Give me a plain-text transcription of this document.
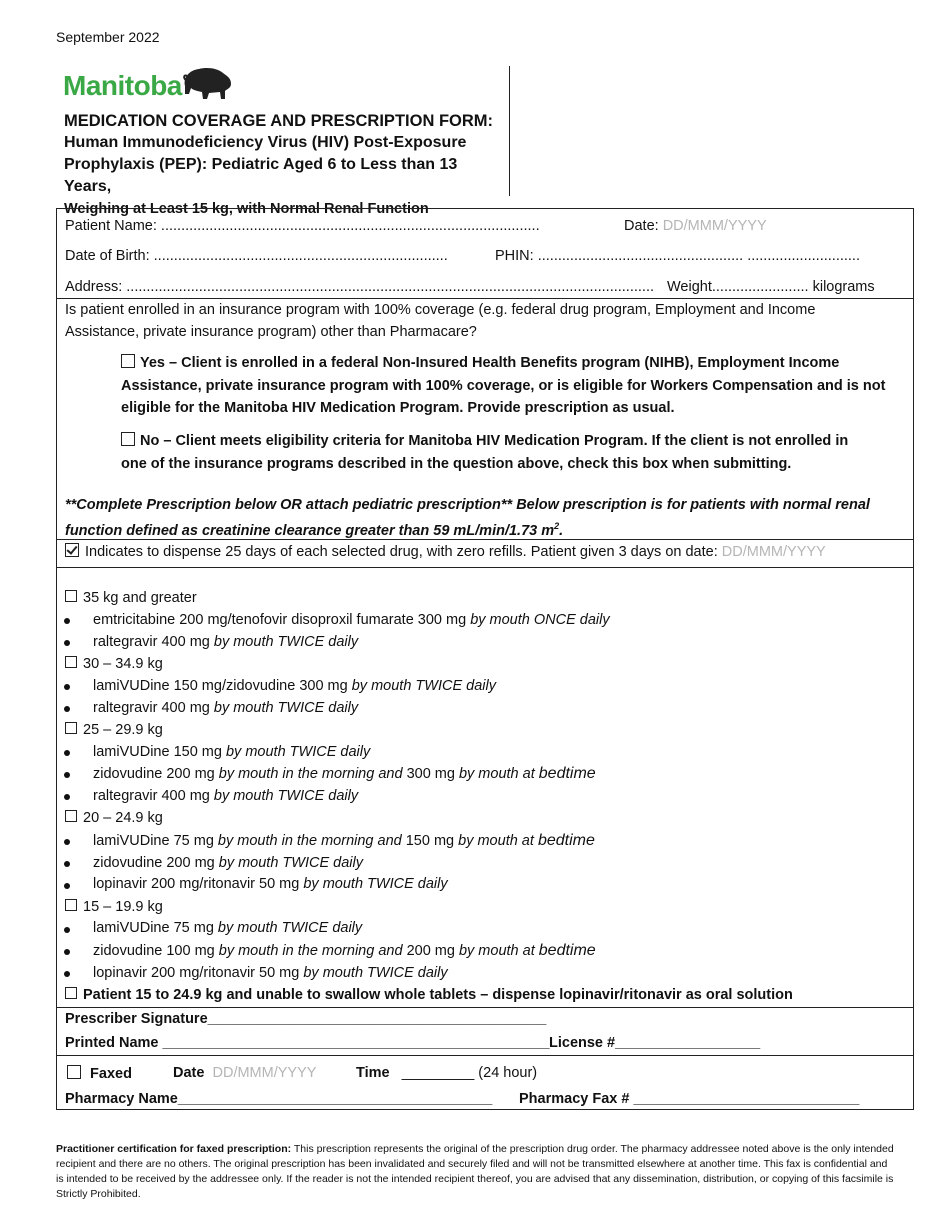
September 2022
Manitoba
MEDICATION COVERAGE AND PRESCRIPTION FORM:
Human Immunodeficiency Virus (HIV) Post-Exposure
Prophylaxis (PEP): Pediatric Aged 6 to Less than 13 Years,
Weighing at Least 15 kg, with Normal Renal Function
Patient Name: ..............................................................................................	Date: DD/MMM/YYYY
Date of Birth: .........................................................................	PHIN: ................................................... ............................
Address: ................................................................................................................................... Weight........................ kilograms
Is patient enrolled in an insurance program with 100% coverage (e.g. federal drug program, Employment and Income
Assistance, private insurance program) other than Pharmacare?
Yes – Client is enrolled in a federal Non-Insured Health Benefits program (NIHB), Employment Income
Assistance, private insurance program with 100% coverage, or is eligible for Workers Compensation and is not
eligible for the Manitoba HIV Medication Program. Provide prescription as usual.
No – Client meets eligibility criteria for Manitoba HIV Medication Program. If the client is not enrolled in
one of the insurance programs described in the question above, check this box when submitting.
**Complete Prescription below OR attach pediatric prescription** Below prescription is for patients with normal renal
function defined as creatinine clearance greater than 59 mL/min/1.73 $m^2$.
Indicates to dispense 25 days of each selected drug, with zero refills. Patient given 3 days on date: DD/MMM/YYYY
35 kg and greater
emtricitabine 200 mg/tenofovir disoproxil fumarate 300 mg by mouth ONCE daily
raltegravir 400 mg by mouth TWICE daily
30 – 34.9 kg
lamiVUDine 150 mg/zidovudine 300 mg by mouth TWICE daily
raltegravir 400 mg by mouth TWICE daily
25 – 29.9 kg
lamiVUDine 150 mg by mouth TWICE daily
zidovudine 200 mg by mouth in the morning and 300 mg by mouth at bedtime
raltegravir 400 mg by mouth TWICE daily
20 – 24.9 kg
lamiVUDine 75 mg by mouth in the morning and 150 mg by mouth at bedtime
zidovudine 200 mg by mouth TWICE daily
lopinavir 200 mg/ritonavir 50 mg by mouth TWICE daily
15 – 19.9 kg
lamiVUDine 75 mg by mouth TWICE daily
zidovudine 100 mg by mouth in the morning and 200 mg by mouth at bedtime
lopinavir 200 mg/ritonavir 50 mg by mouth TWICE daily
Patient 15 to 24.9 kg and unable to swallow whole tablets – dispense lopinavir/ritonavir as oral solution
Prescriber Signature__________________________________________
Printed Name ________________________________________________ License #__________________
Faxed	Date DD/MMM/YYYY	Time _________ (24 hour)
Pharmacy Name_______________________________________ Pharmacy Fax # ____________________________
Practitioner certification for faxed prescription: This prescription represents the original of the prescription drug order. The pharmacy addressee noted above is the only intended recipient and there are no others. The original prescription has been invalidated and securely filed and will not be transmitted elsewhere at another time. This fax is confidential and is intended to be received by the addressee only. If the reader is not the intended recipient thereof, you are advised that any dissemination, distribution, or copying of this facsimile is Strictly Prohibited.
